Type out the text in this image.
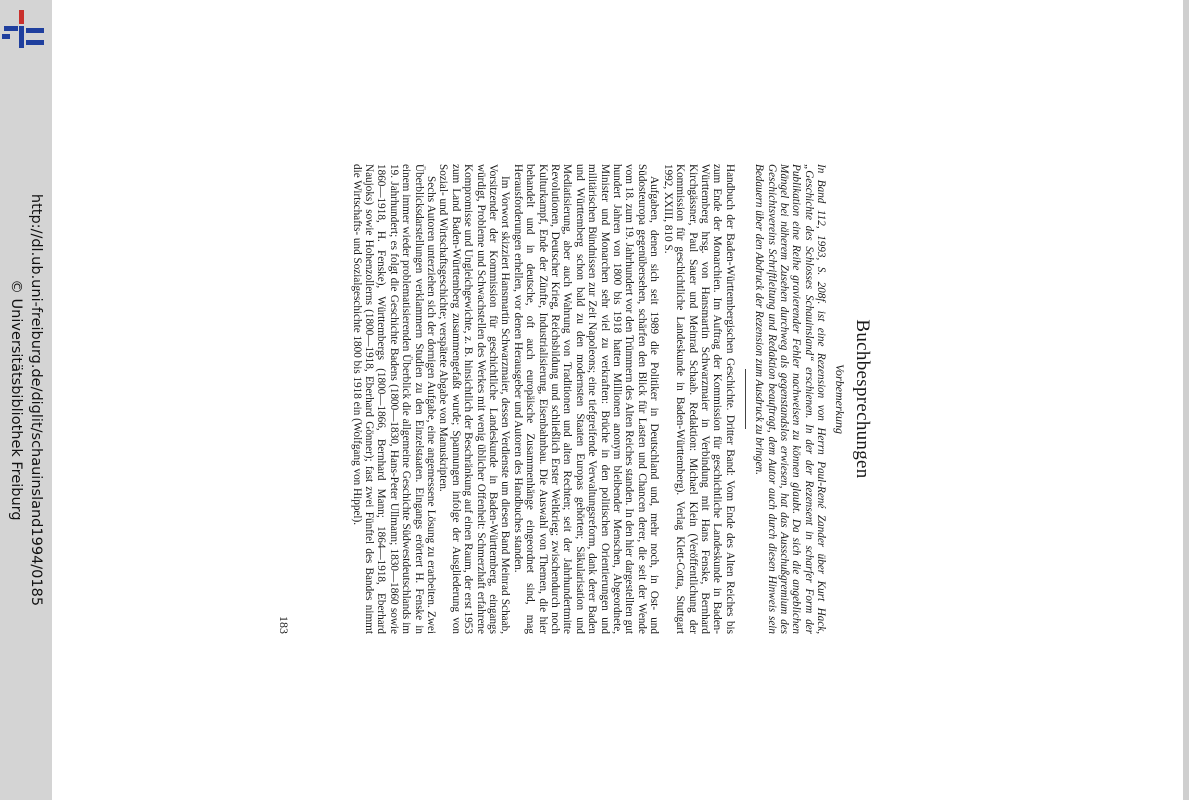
http://dl.ub.uni-freiburg.de/diglit/schauinsland1994/0185
© Universitätsbibliothek Freiburg	Buchbesprechungen
Vorbemerkung

In Band 112, 1993, S. 208f. ist eine Rezension von Herrn Paul-René Zander über Kurt Hack, „Geschichte des Schlosses Schauinsland“ erschienen. In der der Rezensent in scharfer Form der Publikation eine Reihe gravierender Fehler nachweisen zu können glaubt. Da sich die angeblichen Mängel bei näherem Zusehen durchweg als gegenstandslos erwiesen, hat das Ausschußgremium des Geschichtsvereins Schriftleitung und Redaktion beauftragt, dem Autor auch durch diesen Hinweis sein Bedauern über den Abdruck der Rezension zum Ausdruck zu bringen.

Handbuch der Baden-Württembergischen Geschichte. Dritter Band: Vom Ende des Alten Reiches bis zum Ende der Monarchien. Im Auftrag der Kommission für geschichtliche Landeskunde in Baden-Württemberg hrsg. von Hansmartin Schwarzmaier in Verbindung mit Hans Fenske, Bernhard Kirchgässner, Paul Sauer und Meinrad Schaab. Redaktion: Michael Klein (Veröffentlichung der Kommission für geschichtliche Landeskunde in Baden-Württemberg). Verlag Klett-Cotta, Stuttgart 1992, XXIII, 810 S.

Aufgaben, denen sich seit 1989 die Politiker in Deutschland und, mehr noch, in Ost- und Südosteuropa gegenübersehen, schärfen den Blick für Lasten und Chancen derer, die seit der Wende vom 18. zum 19. Jahrhundert vor den Trümmern des Alten Reiches standen. In den hier dargestellten gut hundert Jahren von 1800 bis 1918 hatten Millionen anonym bleibender Menschen, Abgeordnete, Minister und Monarchen sehr viel zu verkraften: Brüche in den politischen Orientierungen und militärischen Bündnissen zur Zeit Napoleons; eine tiefgreifende Verwaltungsreform, dank derer Baden und Württemberg schon bald zu den modernsten Staaten Europas gehörten; Säkularisation und Mediatisierung, aber auch Wahrung von Traditionen und alten Rechten; seit der Jahrhundertmitte Revolutionen, Deutscher Krieg, Reichsbildung und schließlich Erster Weltkrieg; zwischendurch noch Kulturkampf, Ende der Zünfte, Industrialisierung, Eisenbahnbau. Die Auswahl von Themen, die hier behandelt und in deutsche, oft auch europäische Zusammenhänge eingeordnet sind, mag Herausforderungen erhellen, vor denen Herausgeber und Autoren des Handbuches standen.

Im Vorwort skizziert Hansmartin Schwarzmaier, dessen Verdienste um diesen Band Meinrad Schaab, Vorsitzender der Kommission für geschichtliche Landeskunde in Baden-Württemberg, eingangs würdigt, Probleme und Schwachstellen des Werkes mit wenig üblicher Offenheit: Schmerzhaft erfahrene Kompromisse und Ungleichgewichte, z. B. hinsichtlich der Beschränkung auf einen Raum, der erst 1953 zum Land Baden-Württemberg zusammengefaßt wurde; Spannungen infolge der Ausgliederung von Sozial- und Wirtschaftsgeschichte; verspätete Abgabe von Manuskripten.

Sechs Autoren unterziehen sich der dornigen Aufgabe, eine angemessene Lösung zu erarbeiten. Zwei Überblicksdarstellungen verklammern Studien zu den Einzelstaaten. Eingangs erörtert H. Fenske in einem immer wieder problematisierenden Überblick die allgemeine Geschichte Südwestdeutschlands im 19. Jahrhundert; es folgt die Geschichte Badens (1800—1830, Hans-Peter Ullmann; 1830—1860 sowie 1860—1918, H. Fenske), Württembergs (1800—1866, Bernhard Mann; 1864—1918, Eberhard Naujoks) sowie Hohenzollerns (1800—1918, Eberhard Gönner); fast zwei Fünftel des Bandes nimmt die Wirtschafts- und Sozialgeschichte 1800 bis 1918 ein (Wolfgang von Hippel).

183
